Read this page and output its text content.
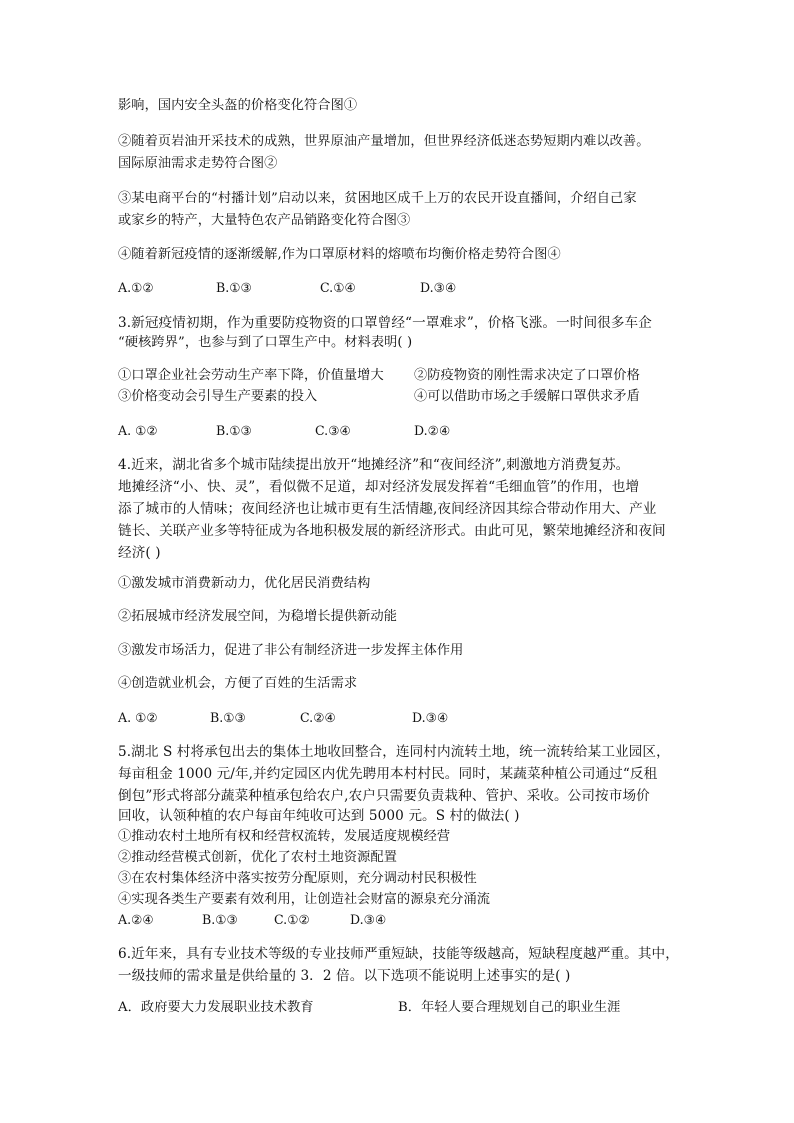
影响，国内安全头盔的价格变化符合图①
②随着页岩油开采技术的成熟，世界原油产量增加，但世界经济低迷态势短期内难以改善。
国际原油需求走势符合图②
③某电商平台的“村播计划”启动以来，贫困地区成千上万的农民开设直播间，介绍自己家
或家乡的特产，大量特色农产品销路变化符合图③
④随着新冠疫情的逐渐缓解,作为口罩原材料的熔喷布均衡价格走势符合图④
A.①②	B.①③	C.①④	D.③④
3.新冠疫情初期，作为重要防疫物资的口罩曾经“一罩难求”，价格飞涨。一时间很多车企
“硬核跨界”，也参与到了口罩生产中。材料表明( )
①口罩企业社会劳动生产率下降，价值量增大 ②防疫物资的刚性需求决定了口罩价格
③价格变动会引导生产要素的投入	④可以借助市场之手缓解口罩供求矛盾
A. ①②	B.①③	C.③④	D.②④
4.近来，湖北省多个城市陆续提出放开“地摊经济”和“夜间经济”,刺激地方消费复苏。
地摊经济“小、快、灵”，看似微不足道，却对经济发展发挥着“毛细血管”的作用，也增
添了城市的人情味；夜间经济也让城市更有生活情趣,夜间经济因其综合带动作用大、产业
链长、关联产业多等特征成为各地积极发展的新经济形式。由此可见，繁荣地摊经济和夜间
经济( )
①激发城市消费新动力，优化居民消费结构
②拓展城市经济发展空间，为稳增长提供新动能
③激发市场活力，促进了非公有制经济进一步发挥主体作用
④创造就业机会，方便了百姓的生活需求
A. ①②	B.①③	C.②④	D.③④
5.湖北 S 村将承包出去的集体土地收回整合，连同村内流转土地，统一流转给某工业园区，
每亩租金 1000 元/年,并约定园区内优先聘用本村村民。同时，某蔬菜种植公司通过“反租
倒包”形式将部分蔬菜种植承包给农户,农户只需要负责栽种、管护、采收。公司按市场价
回收，认领种植的农户每亩年纯收可达到 5000 元。S 村的做法( )
①推动农村土地所有权和经营权流转，发展适度规模经营
②推动经营模式创新，优化了农村土地资源配置
③在农村集体经济中落实按劳分配原则，充分调动村民积极性
④实现各类生产要素有效利用，让创造社会财富的源泉充分涌流
A.②④	B.①③	C.①②	D.③④
6.近年来，具有专业技术等级的专业技师严重短缺，技能等级越高，短缺程度越严重。其中，
一级技师的需求量是供给量的 3．2 倍。以下选项不能说明上述事实的是( )
A．政府要大力发展职业技术教育	B．年轻人要合理规划自己的职业生涯
